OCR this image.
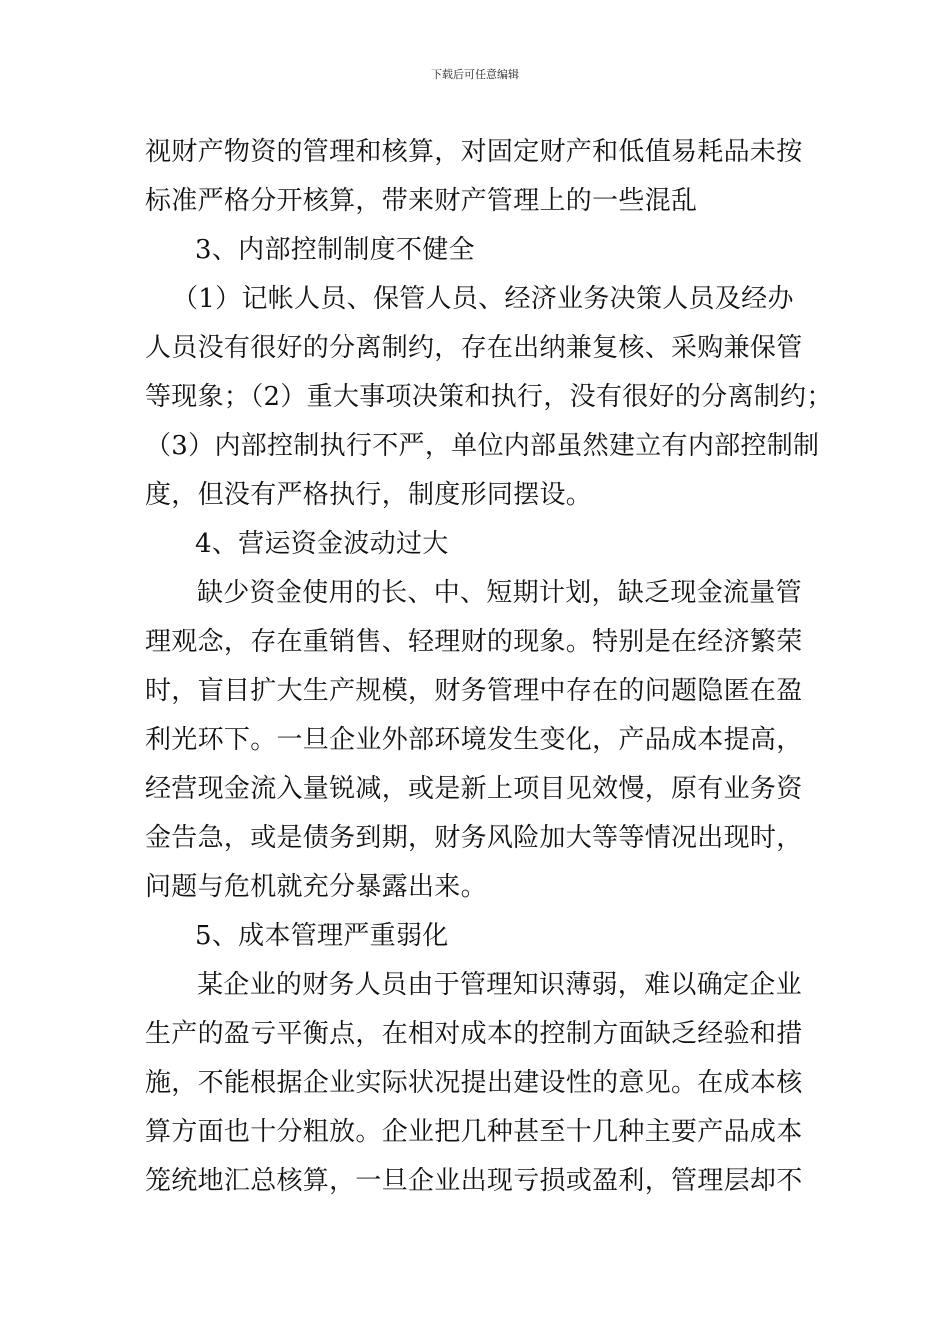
下载后可任意编辑
视财产物资的管理和核算，对固定财产和低值易耗品未按
标准严格分开核算，带来财产管理上的一些混乱
3、内部控制制度不健全
（1）记帐人员、保管人员、经济业务决策人员及经办
人员没有很好的分离制约，存在出纳兼复核、采购兼保管
等现象；（2）重大事项决策和执行，没有很好的分离制约；
（3）内部控制执行不严，单位内部虽然建立有内部控制制
度，但没有严格执行，制度形同摆设。
4、营运资金波动过大
缺少资金使用的长、中、短期计划，缺乏现金流量管
理观念，存在重销售、轻理财的现象。特别是在经济繁荣
时，盲目扩大生产规模，财务管理中存在的问题隐匿在盈
利光环下。一旦企业外部环境发生变化，产品成本提高，
经营现金流入量锐减，或是新上项目见效慢，原有业务资
金告急，或是债务到期，财务风险加大等等情况出现时，
问题与危机就充分暴露出来。
5、成本管理严重弱化
某企业的财务人员由于管理知识薄弱，难以确定企业
生产的盈亏平衡点，在相对成本的控制方面缺乏经验和措
施，不能根据企业实际状况提出建设性的意见。在成本核
算方面也十分粗放。企业把几种甚至十几种主要产品成本
笼统地汇总核算，一旦企业出现亏损或盈利，管理层却不
